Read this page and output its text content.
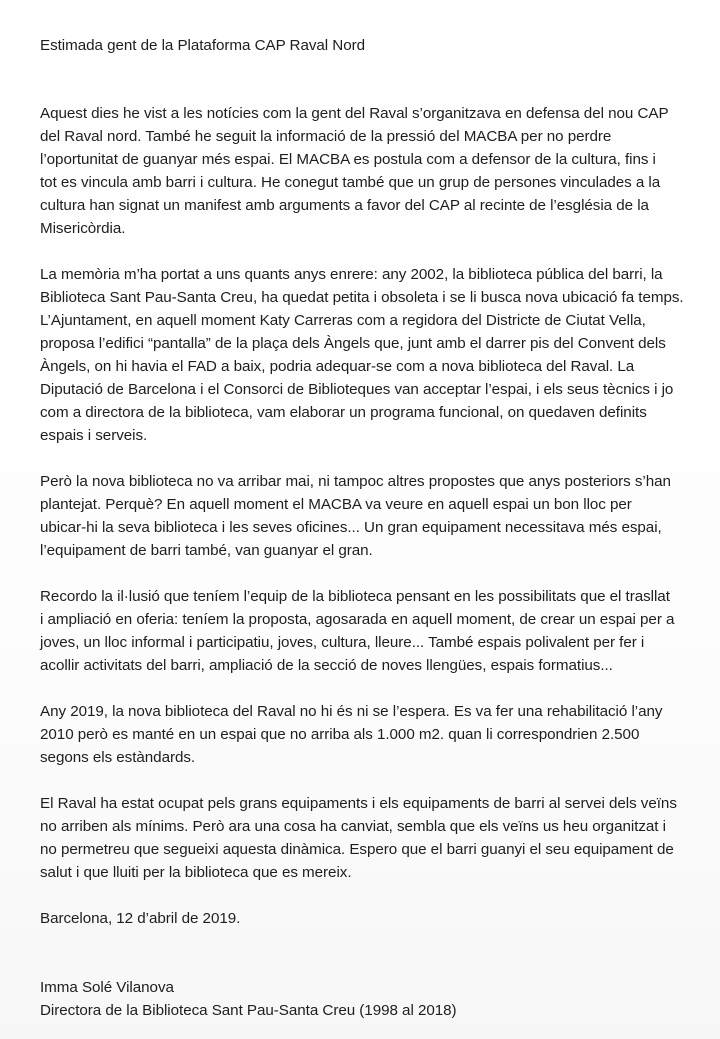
Estimada gent de la Plataforma CAP Raval Nord
Aquest dies he vist a les notícies com la gent del Raval s’organitzava en defensa del nou CAP
del Raval nord. També he seguit la informació de la pressió del MACBA per no perdre
l’oportunitat de guanyar més espai. El MACBA es postula com a defensor de la cultura, fins i
tot es vincula amb barri i cultura. He conegut també que un grup de persones vinculades a la
cultura han signat un manifest amb arguments a favor del CAP al recinte de l’església de la
Misericòrdia.
La memòria m’ha portat a uns quants anys enrere: any 2002, la biblioteca pública del barri, la
Biblioteca Sant Pau-Santa Creu, ha quedat petita i obsoleta i se li busca nova ubicació fa temps.
L’Ajuntament, en aquell moment Katy Carreras com a regidora del Districte de Ciutat Vella,
proposa l’edifici “pantalla” de la plaça dels Àngels que, junt amb el darrer pis del Convent dels
Àngels, on hi havia el FAD a baix, podria adequar-se com a nova biblioteca del Raval. La
Diputació de Barcelona i el Consorci de Biblioteques van acceptar l’espai, i els seus tècnics i jo
com a directora de la biblioteca, vam elaborar un programa funcional, on quedaven definits
espais i serveis.
Però la nova biblioteca no va arribar mai, ni tampoc altres propostes que anys posteriors s’han
plantejat. Perquè? En aquell moment el MACBA va veure en aquell espai un bon lloc per
ubicar-hi la seva biblioteca i les seves oficines... Un gran equipament necessitava més espai,
l’equipament de barri també, van guanyar el gran.
Recordo la il·lusió que teníem l’equip de la biblioteca pensant en les possibilitats que el trasllat
i ampliació en oferia: teníem la proposta, agosarada en aquell moment, de crear un espai per a
joves, un lloc informal i participatiu, joves, cultura, lleure... També espais polivalent per fer i
acollir activitats del barri, ampliació de la secció de noves llengües, espais formatius...
Any 2019, la nova biblioteca del Raval no hi és ni se l’espera. Es va fer una rehabilitació l’any
2010 però es manté en un espai que no arriba als 1.000 m2. quan li correspondrien 2.500
segons els estàndards.
El Raval ha estat ocupat pels grans equipaments i els equipaments de barri al servei dels veïns
no arriben als mínims. Però ara una cosa ha canviat, sembla que els veïns us heu organitzat i
no permetreu que segueixi aquesta dinàmica. Espero que el barri guanyi el seu equipament de
salut i que lluiti per la biblioteca que es mereix.
Barcelona, 12 d’abril de 2019.
Imma Solé Vilanova
Directora de la Biblioteca Sant Pau-Santa Creu (1998 al 2018)
